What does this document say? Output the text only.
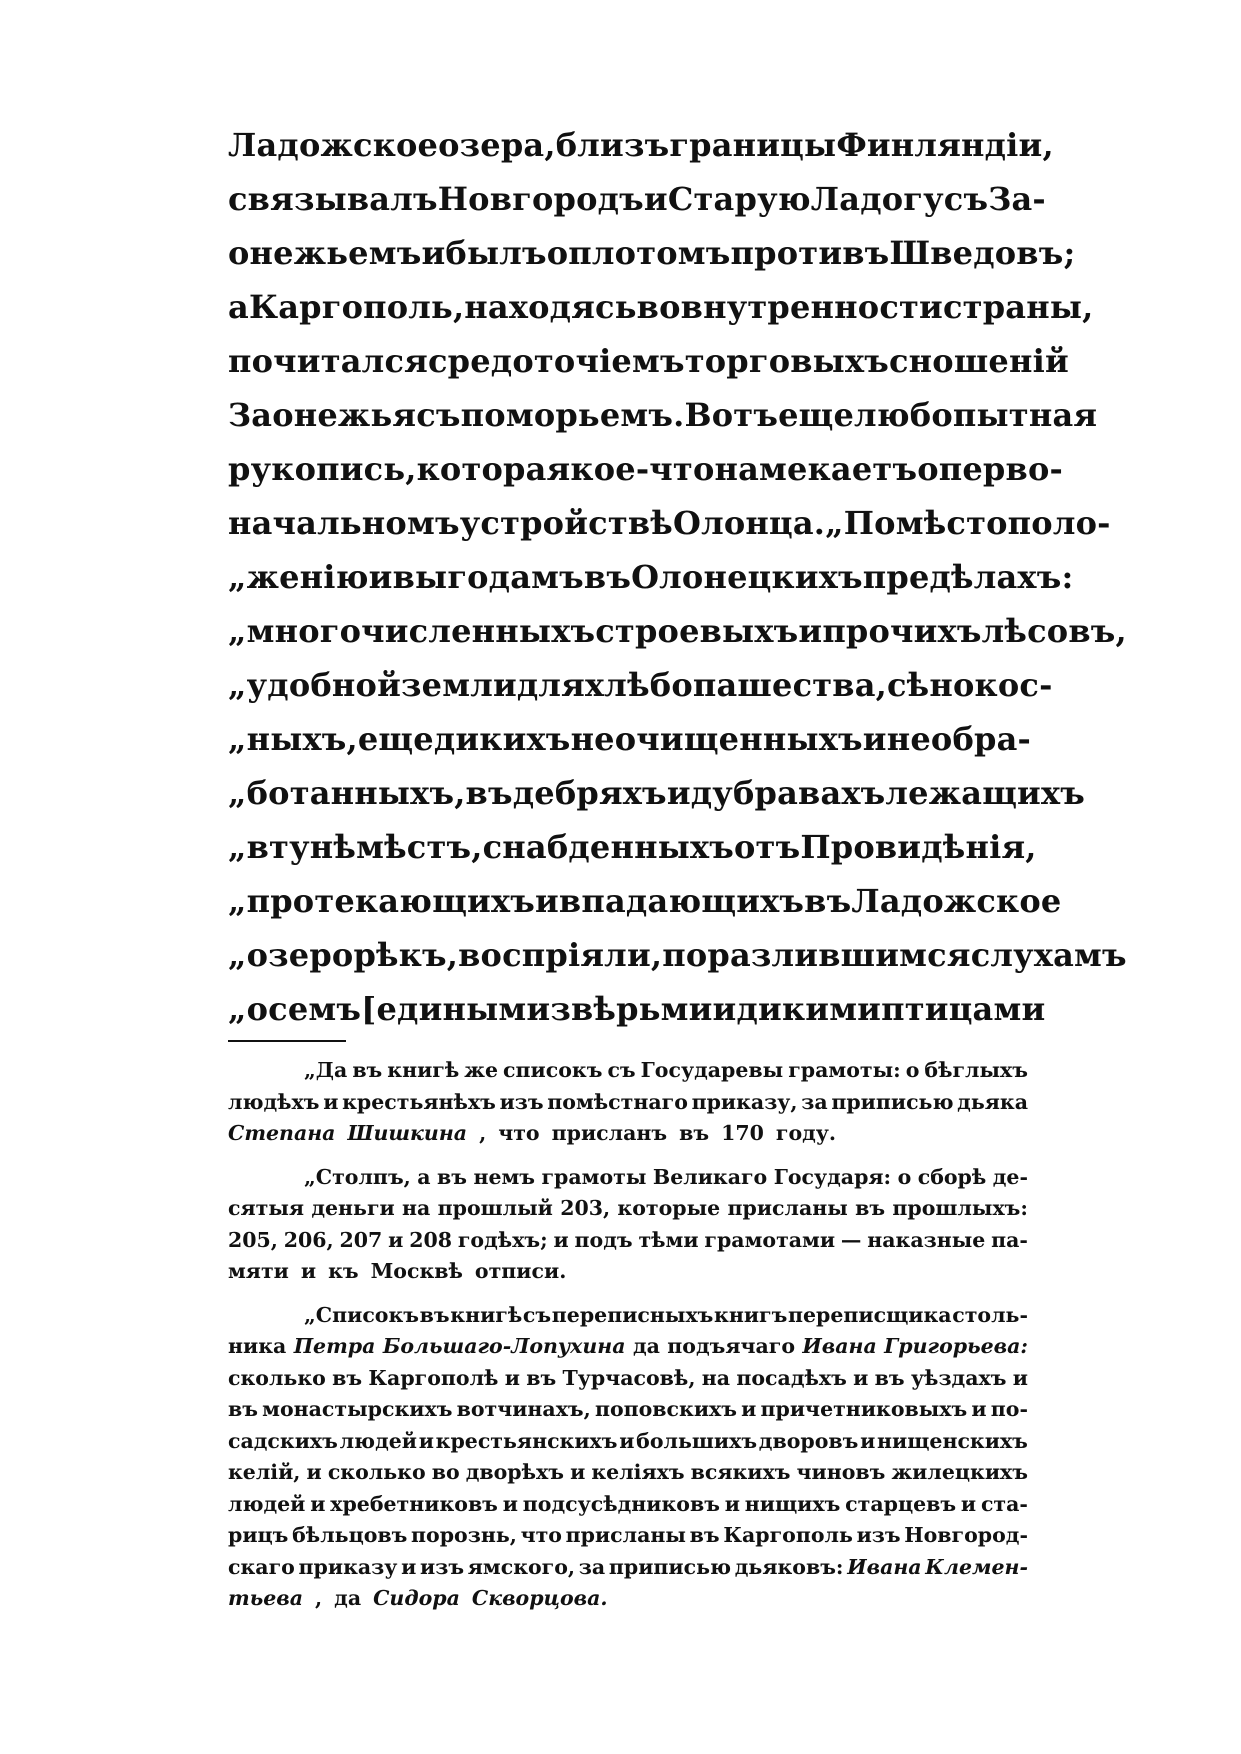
Ладожское озера, близъ границы Финляндіи,
связывалъ Новгородъ и Старую Ладогу съ За-
онежьемъ и былъ оплотомъ противъ Шведовъ;
а Каргополь, находясь во внутренности страны,
почитался средоточіемъ торговыхъ сношеній
Заонежья съ поморьемъ. Вотъ еще любопытная
рукопись, которая кое-что намекаетъ о перво-
начальномъ устройствѣ Олонца. „По мѣстополо-
„женію и выгодамъ въ Олонецкихъ предѣлахъ:
„многочисленныхъ строевыхъ и прочихъ лѣсовъ,
„удобной земли для хлѣбопашества, сѣнокос-
„ныхъ, еще дикихъ не очищенныхъ и не обра-
„ботанныхъ, въ дебряхъ и дубравахъ лежащихъ
„втунѣ мѣстъ, снабденныхъ отъ Провидѣнія,
„протекающихъ и впадающихъ въ Ладожское
„озеро рѣкъ, воспріяли, по разлившимся слухамъ
„о семъ [едиными звѣрьми и дикими птицами
„Да въ книгѣ же списокъ съ Государевы грамоты: о бѣглыхъ
людѣхъ и крестьянѣхъ изъ помѣстнаго приказу, за приписью дьяка
Степана Шишкина , что присланъ въ 170 году.
„Столпъ, а въ немъ грамоты Великаго Государя: о сборѣ де-
сятыя деньги на прошлый 203, которые присланы въ прошлыхъ:
205, 206, 207 и 208 годѣхъ; и подъ тѣми грамотами — наказные па-
мяти и къ Москвѣ отписи.
„Списокъ въ книгѣ съ переписныхъ книгъ переписщика столь-
ника Петра Большаго-Лопухина да подъячаго Ивана Григорьева:
сколько въ Каргополѣ и въ Турчасовѣ, на посадѣхъ и въ уѣздахъ и
въ монастырскихъ вотчинахъ, поповскихъ и причетниковыхъ и по-
садскихъ людей и крестьянскихъ и большихъ дворовъ и нищенскихъ
келій, и сколько во дворѣхъ и келіяхъ всякихъ чиновъ жилецкихъ
людей и хребетниковъ и подсусѣдниковъ и нищихъ старцевъ и ста-
рицъ бѣльцовъ порознь, что присланы въ Каргополь изъ Новгород-
скаго приказу и изъ ямского, за приписью дьяковъ: Ивана Клемен-
тьева , да Сидора Скворцова.
